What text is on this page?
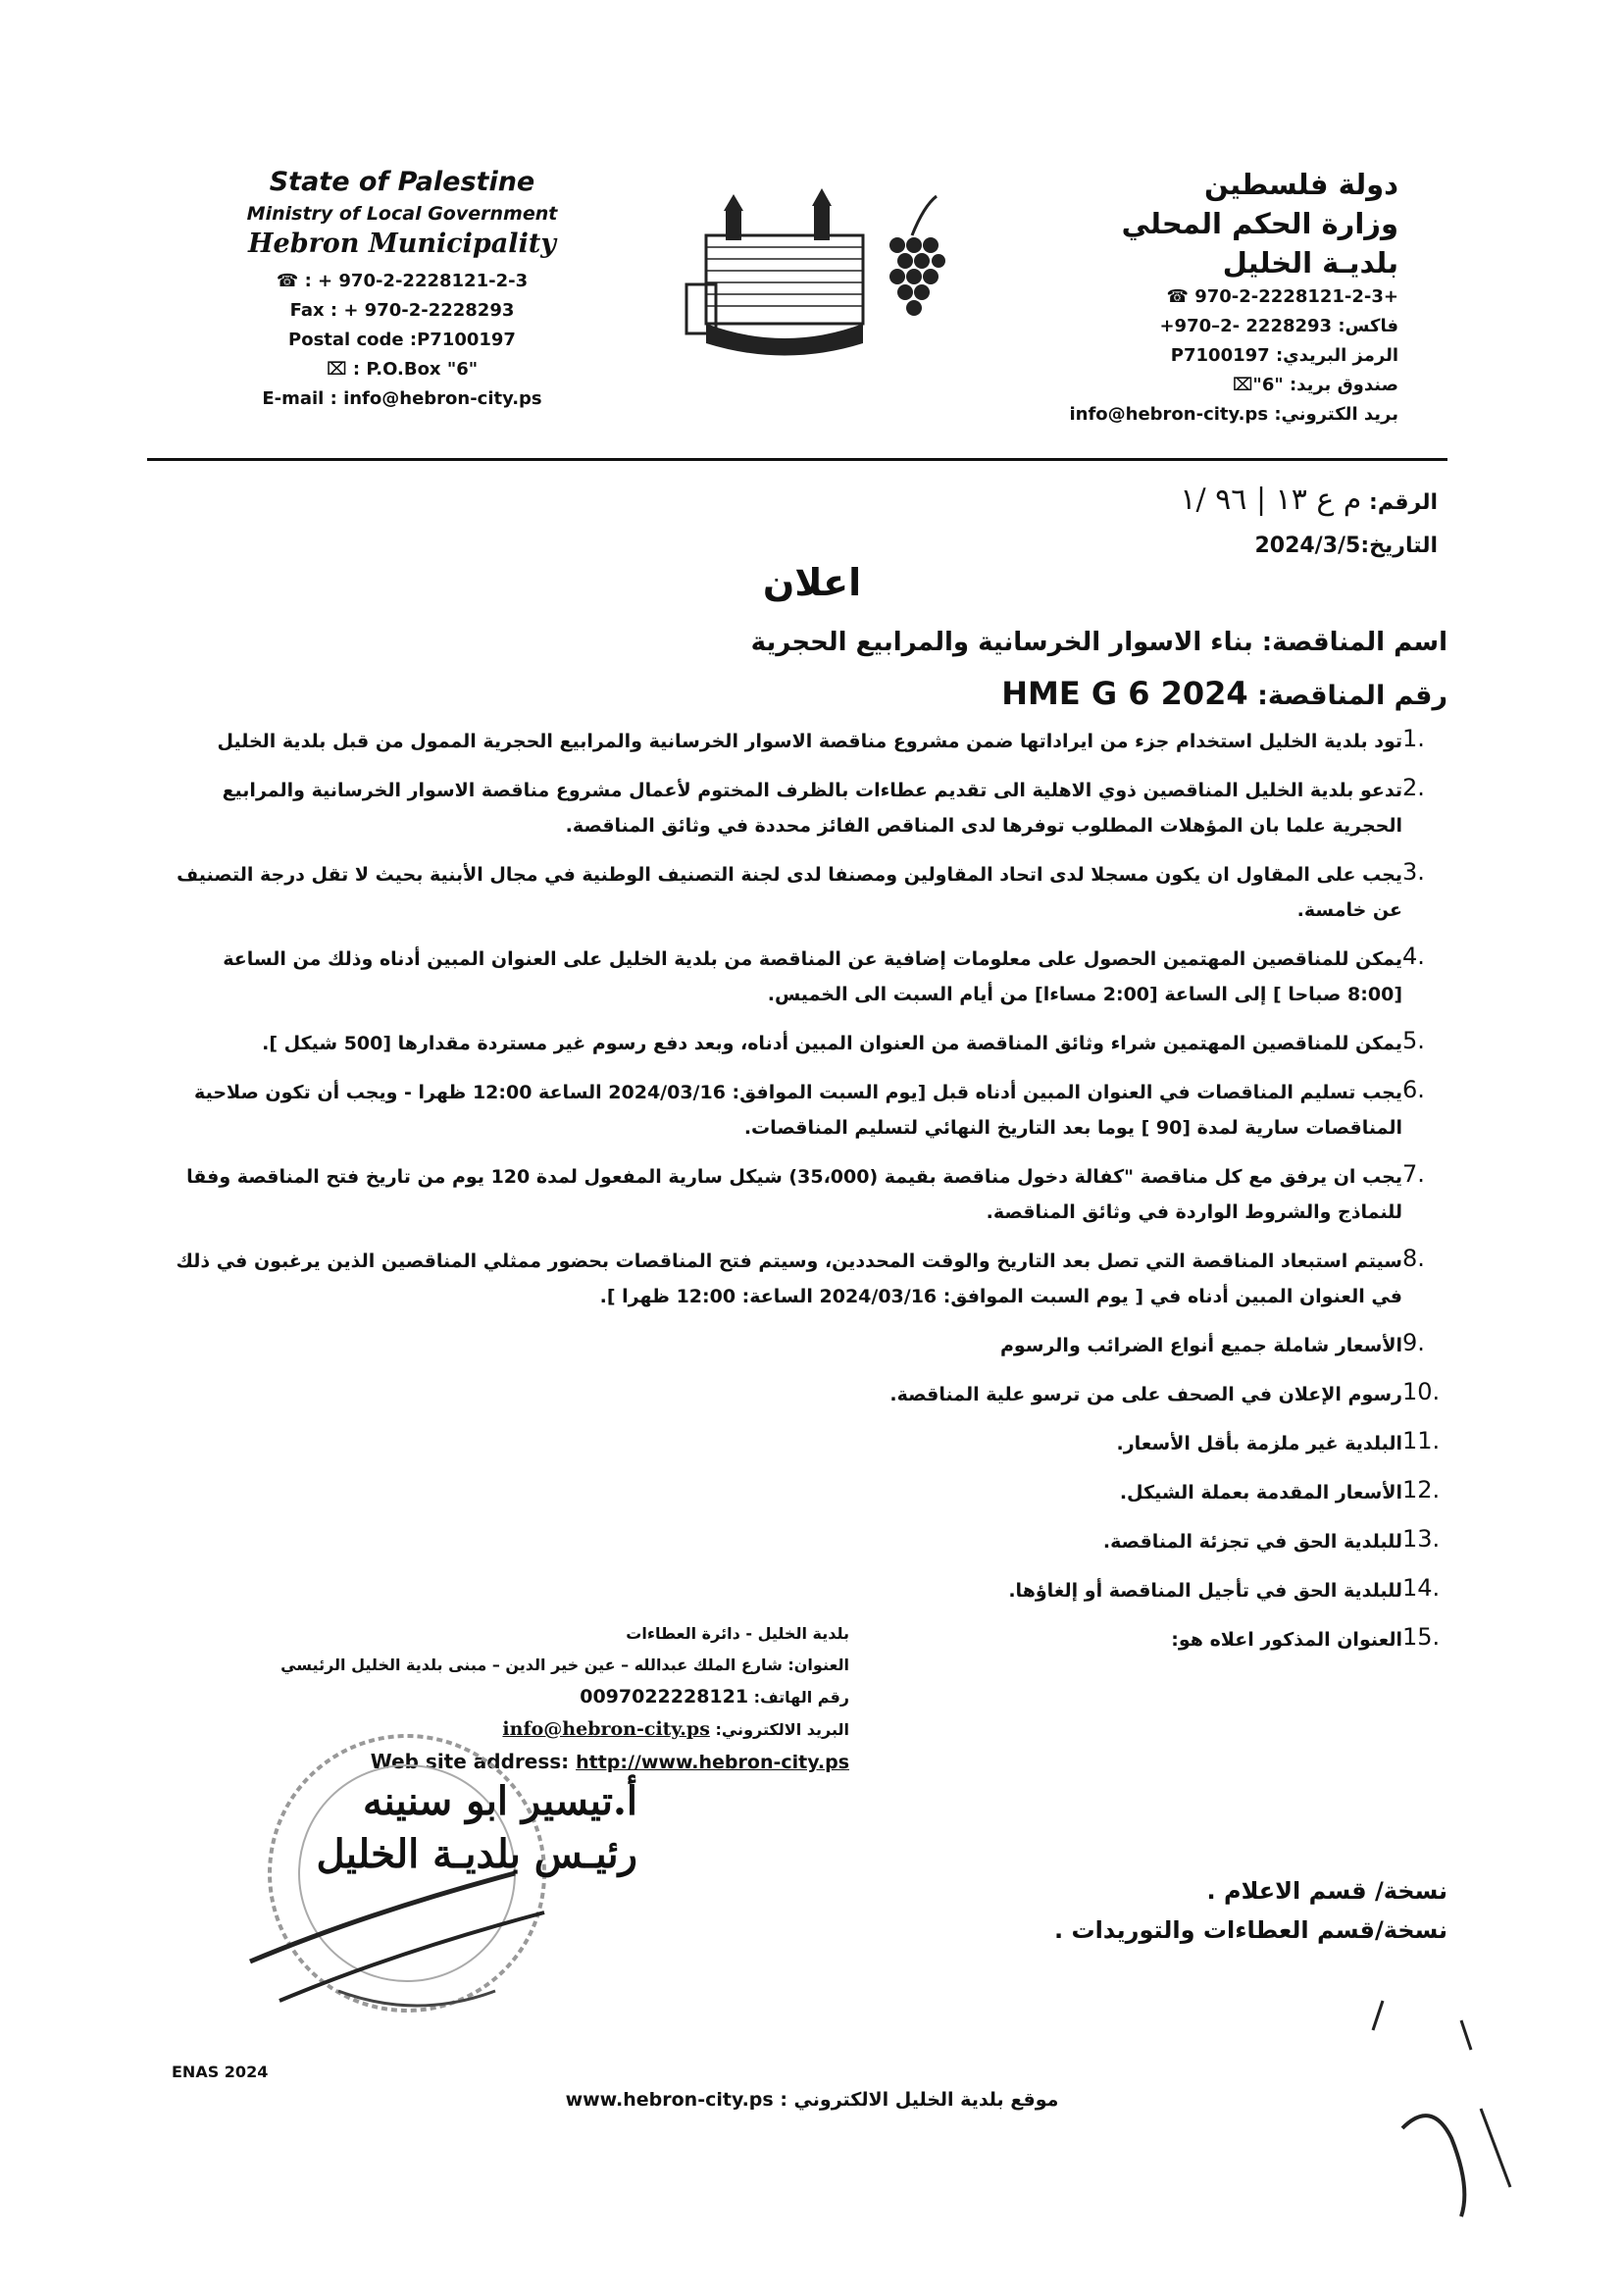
State of Palestine
Ministry of Local Government
Hebron Municipality
☎ : + 970-2-2228121-2-3
Fax : + 970-2-2228293
Postal code :P7100197
⌧ : P.O.Box "6"
E-mail : info@hebron-city.ps
دولة فلسطين
وزارة الحكم المحلي
بلديـة الخليل
+970-2-2228121-2-3 ☎
فاكس: 2228293 -2–970+
الرمز البريدي: P7100197
صندوق بريد: "6"⌧
بريد الكتروني: info@hebron-city.ps
الرقم: م ع ١٣ | ٩٦ /١
التاريخ:2024/3/5
اعلان
اسم المناقصة: بناء الاسوار الخرسانية والمرابيع الحجرية
رقم المناقصة: HME G 6 2024
1.
تود بلدية الخليل استخدام جزء من ايراداتها ضمن مشروع مناقصة الاسوار الخرسانية والمرابيع الحجرية الممول من قبل بلدية الخليل
2.
تدعو بلدية الخليل المناقصين ذوي الاهلية الى تقديم عطاءات بالظرف المختوم لأعمال مشروع مناقصة الاسوار الخرسانية والمرابيع الحجرية علما بان المؤهلات المطلوب توفرها لدى المناقص الفائز محددة في وثائق المناقصة.
3.
يجب على المقاول ان يكون مسجلا لدى اتحاد المقاولين ومصنفا لدى لجنة التصنيف الوطنية في مجال الأبنية بحيث لا تقل درجة التصنيف عن خامسة.
4.
يمكن للمناقصين المهتمين الحصول على معلومات إضافية عن المناقصة من بلدية الخليل على العنوان المبين أدناه وذلك من الساعة [8:00 صباحا ] إلى الساعة [2:00 مساءا] من أيام السبت الى الخميس.
5.
يمكن للمناقصين المهتمين شراء وثائق المناقصة من العنوان المبين أدناه، وبعد دفع رسوم غير مستردة مقدارها [500 شيكل ].
6.
يجب تسليم المناقصات في العنوان المبين أدناه قبل [يوم السبت الموافق: 2024/03/16 الساعة 12:00 ظهرا - ويجب أن تكون صلاحية المناقصات سارية لمدة [90 ] يوما بعد التاريخ النهائي لتسليم المناقصات.
7.
يجب ان يرفق مع كل مناقصة "كفالة دخول مناقصة بقيمة (35،000) شيكل سارية المفعول لمدة 120 يوم من تاريخ فتح المناقصة وفقا للنماذج والشروط الواردة في وثائق المناقصة.
8.
سيتم استبعاد المناقصة التي تصل بعد التاريخ والوقت المحددين، وسيتم فتح المناقصات بحضور ممثلي المناقصين الذين يرغبون في ذلك في العنوان المبين أدناه في [ يوم السبت الموافق: 2024/03/16 الساعة: 12:00 ظهرا ].
9.
الأسعار شاملة جميع أنواع الضرائب والرسوم
10.
رسوم الإعلان في الصحف على من ترسو علية المناقصة.
11.
البلدية غير ملزمة بأقل الأسعار.
12.
الأسعار المقدمة بعملة الشيكل.
13.
للبلدية الحق في تجزئة المناقصة.
14.
للبلدية الحق في تأجيل المناقصة أو إلغاؤها.
15.
العنوان المذكور اعلاه هو:
بلدية الخليل - دائرة العطاءات
العنوان: شارع الملك عبدالله – عين خير الدين – مبنى بلدية الخليل الرئيسي
رقم الهاتف: 0097022228121
البريد الالكتروني: info@hebron-city.ps
Web site address: http://www.hebron-city.ps
أ.تيسير ابو سنينه
رئيـس بلديـة الخليل
نسخة/ قسم الاعلام .
نسخة/قسم العطاءات والتوريدات .
ENAS 2024
www.hebron-city.ps : موقع بلدية الخليل الالكتروني
